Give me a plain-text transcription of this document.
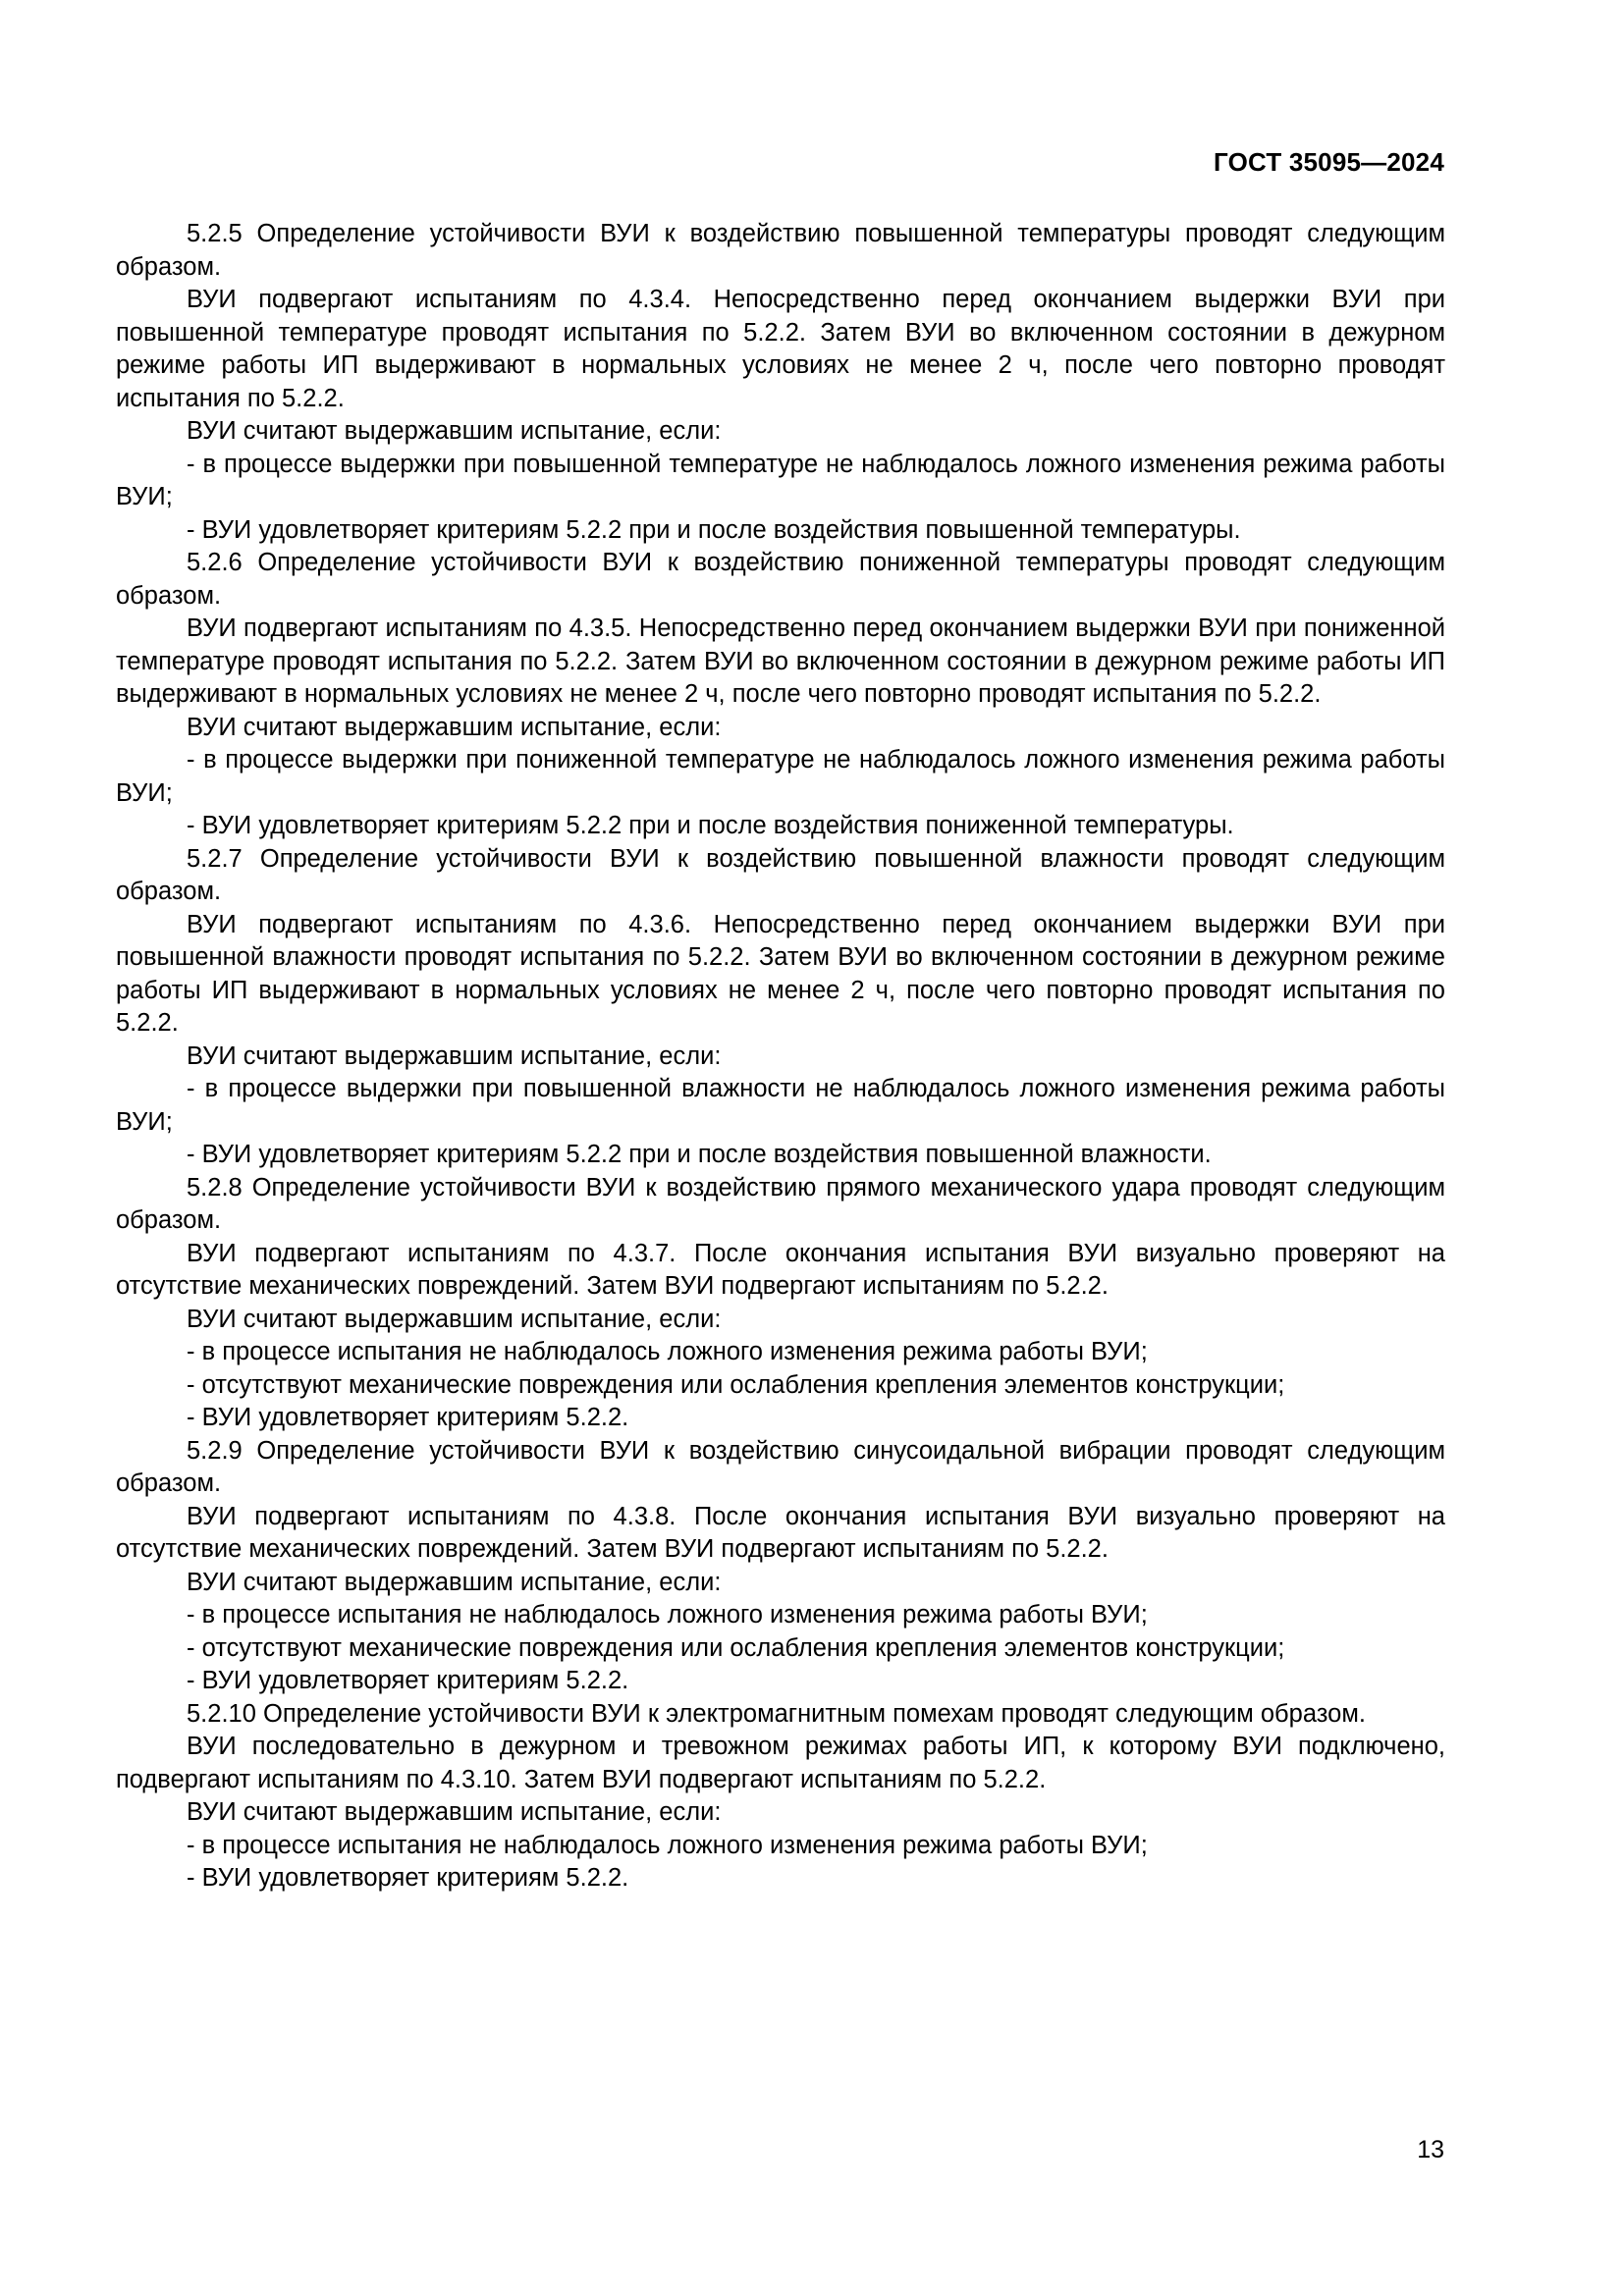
ГОСТ 35095—2024

5.2.5 Определение устойчивости ВУИ к воздействию повышенной температуры проводят следующим образом.

ВУИ подвергают испытаниям по 4.3.4. Непосредственно перед окончанием выдержки ВУИ при повышенной температуре проводят испытания по 5.2.2. Затем ВУИ во включенном состоянии в дежурном режиме работы ИП выдерживают в нормальных условиях не менее 2 ч, после чего повторно проводят испытания по 5.2.2.

ВУИ считают выдержавшим испытание, если:

- в процессе выдержки при повышенной температуре не наблюдалось ложного изменения режима работы ВУИ;

- ВУИ удовлетворяет критериям 5.2.2 при и после воздействия повышенной температуры.

5.2.6 Определение устойчивости ВУИ к воздействию пониженной температуры проводят следующим образом.

ВУИ подвергают испытаниям по 4.3.5. Непосредственно перед окончанием выдержки ВУИ при пониженной температуре проводят испытания по 5.2.2. Затем ВУИ во включенном состоянии в дежурном режиме работы ИП выдерживают в нормальных условиях не менее 2 ч, после чего повторно проводят испытания по 5.2.2.

ВУИ считают выдержавшим испытание, если:

- в процессе выдержки при пониженной температуре не наблюдалось ложного изменения режима работы ВУИ;

- ВУИ удовлетворяет критериям 5.2.2 при и после воздействия пониженной температуры.

5.2.7 Определение устойчивости ВУИ к воздействию повышенной влажности проводят следующим образом.

ВУИ подвергают испытаниям по 4.3.6. Непосредственно перед окончанием выдержки ВУИ при повышенной влажности проводят испытания по 5.2.2. Затем ВУИ во включенном состоянии в дежурном режиме работы ИП выдерживают в нормальных условиях не менее 2 ч, после чего повторно проводят испытания по 5.2.2.

ВУИ считают выдержавшим испытание, если:

- в процессе выдержки при повышенной влажности не наблюдалось ложного изменения режима работы ВУИ;

- ВУИ удовлетворяет критериям 5.2.2 при и после воздействия повышенной влажности.

5.2.8 Определение устойчивости ВУИ к воздействию прямого механического удара проводят следующим образом.

ВУИ подвергают испытаниям по 4.3.7. После окончания испытания ВУИ визуально проверяют на отсутствие механических повреждений. Затем ВУИ подвергают испытаниям по 5.2.2.

ВУИ считают выдержавшим испытание, если:

- в процессе испытания не наблюдалось ложного изменения режима работы ВУИ;

- отсутствуют механические повреждения или ослабления крепления элементов конструкции;

- ВУИ удовлетворяет критериям 5.2.2.

5.2.9 Определение устойчивости ВУИ к воздействию синусоидальной вибрации проводят следующим образом.

ВУИ подвергают испытаниям по 4.3.8. После окончания испытания ВУИ визуально проверяют на отсутствие механических повреждений. Затем ВУИ подвергают испытаниям по 5.2.2.

ВУИ считают выдержавшим испытание, если:

- в процессе испытания не наблюдалось ложного изменения режима работы ВУИ;

- отсутствуют механические повреждения или ослабления крепления элементов конструкции;

- ВУИ удовлетворяет критериям 5.2.2.

5.2.10 Определение устойчивости ВУИ к электромагнитным помехам проводят следующим образом.

ВУИ последовательно в дежурном и тревожном режимах работы ИП, к которому ВУИ подключено, подвергают испытаниям по 4.3.10. Затем ВУИ подвергают испытаниям по 5.2.2.

ВУИ считают выдержавшим испытание, если:

- в процессе испытания не наблюдалось ложного изменения режима работы ВУИ;

- ВУИ удовлетворяет критериям 5.2.2.

13
